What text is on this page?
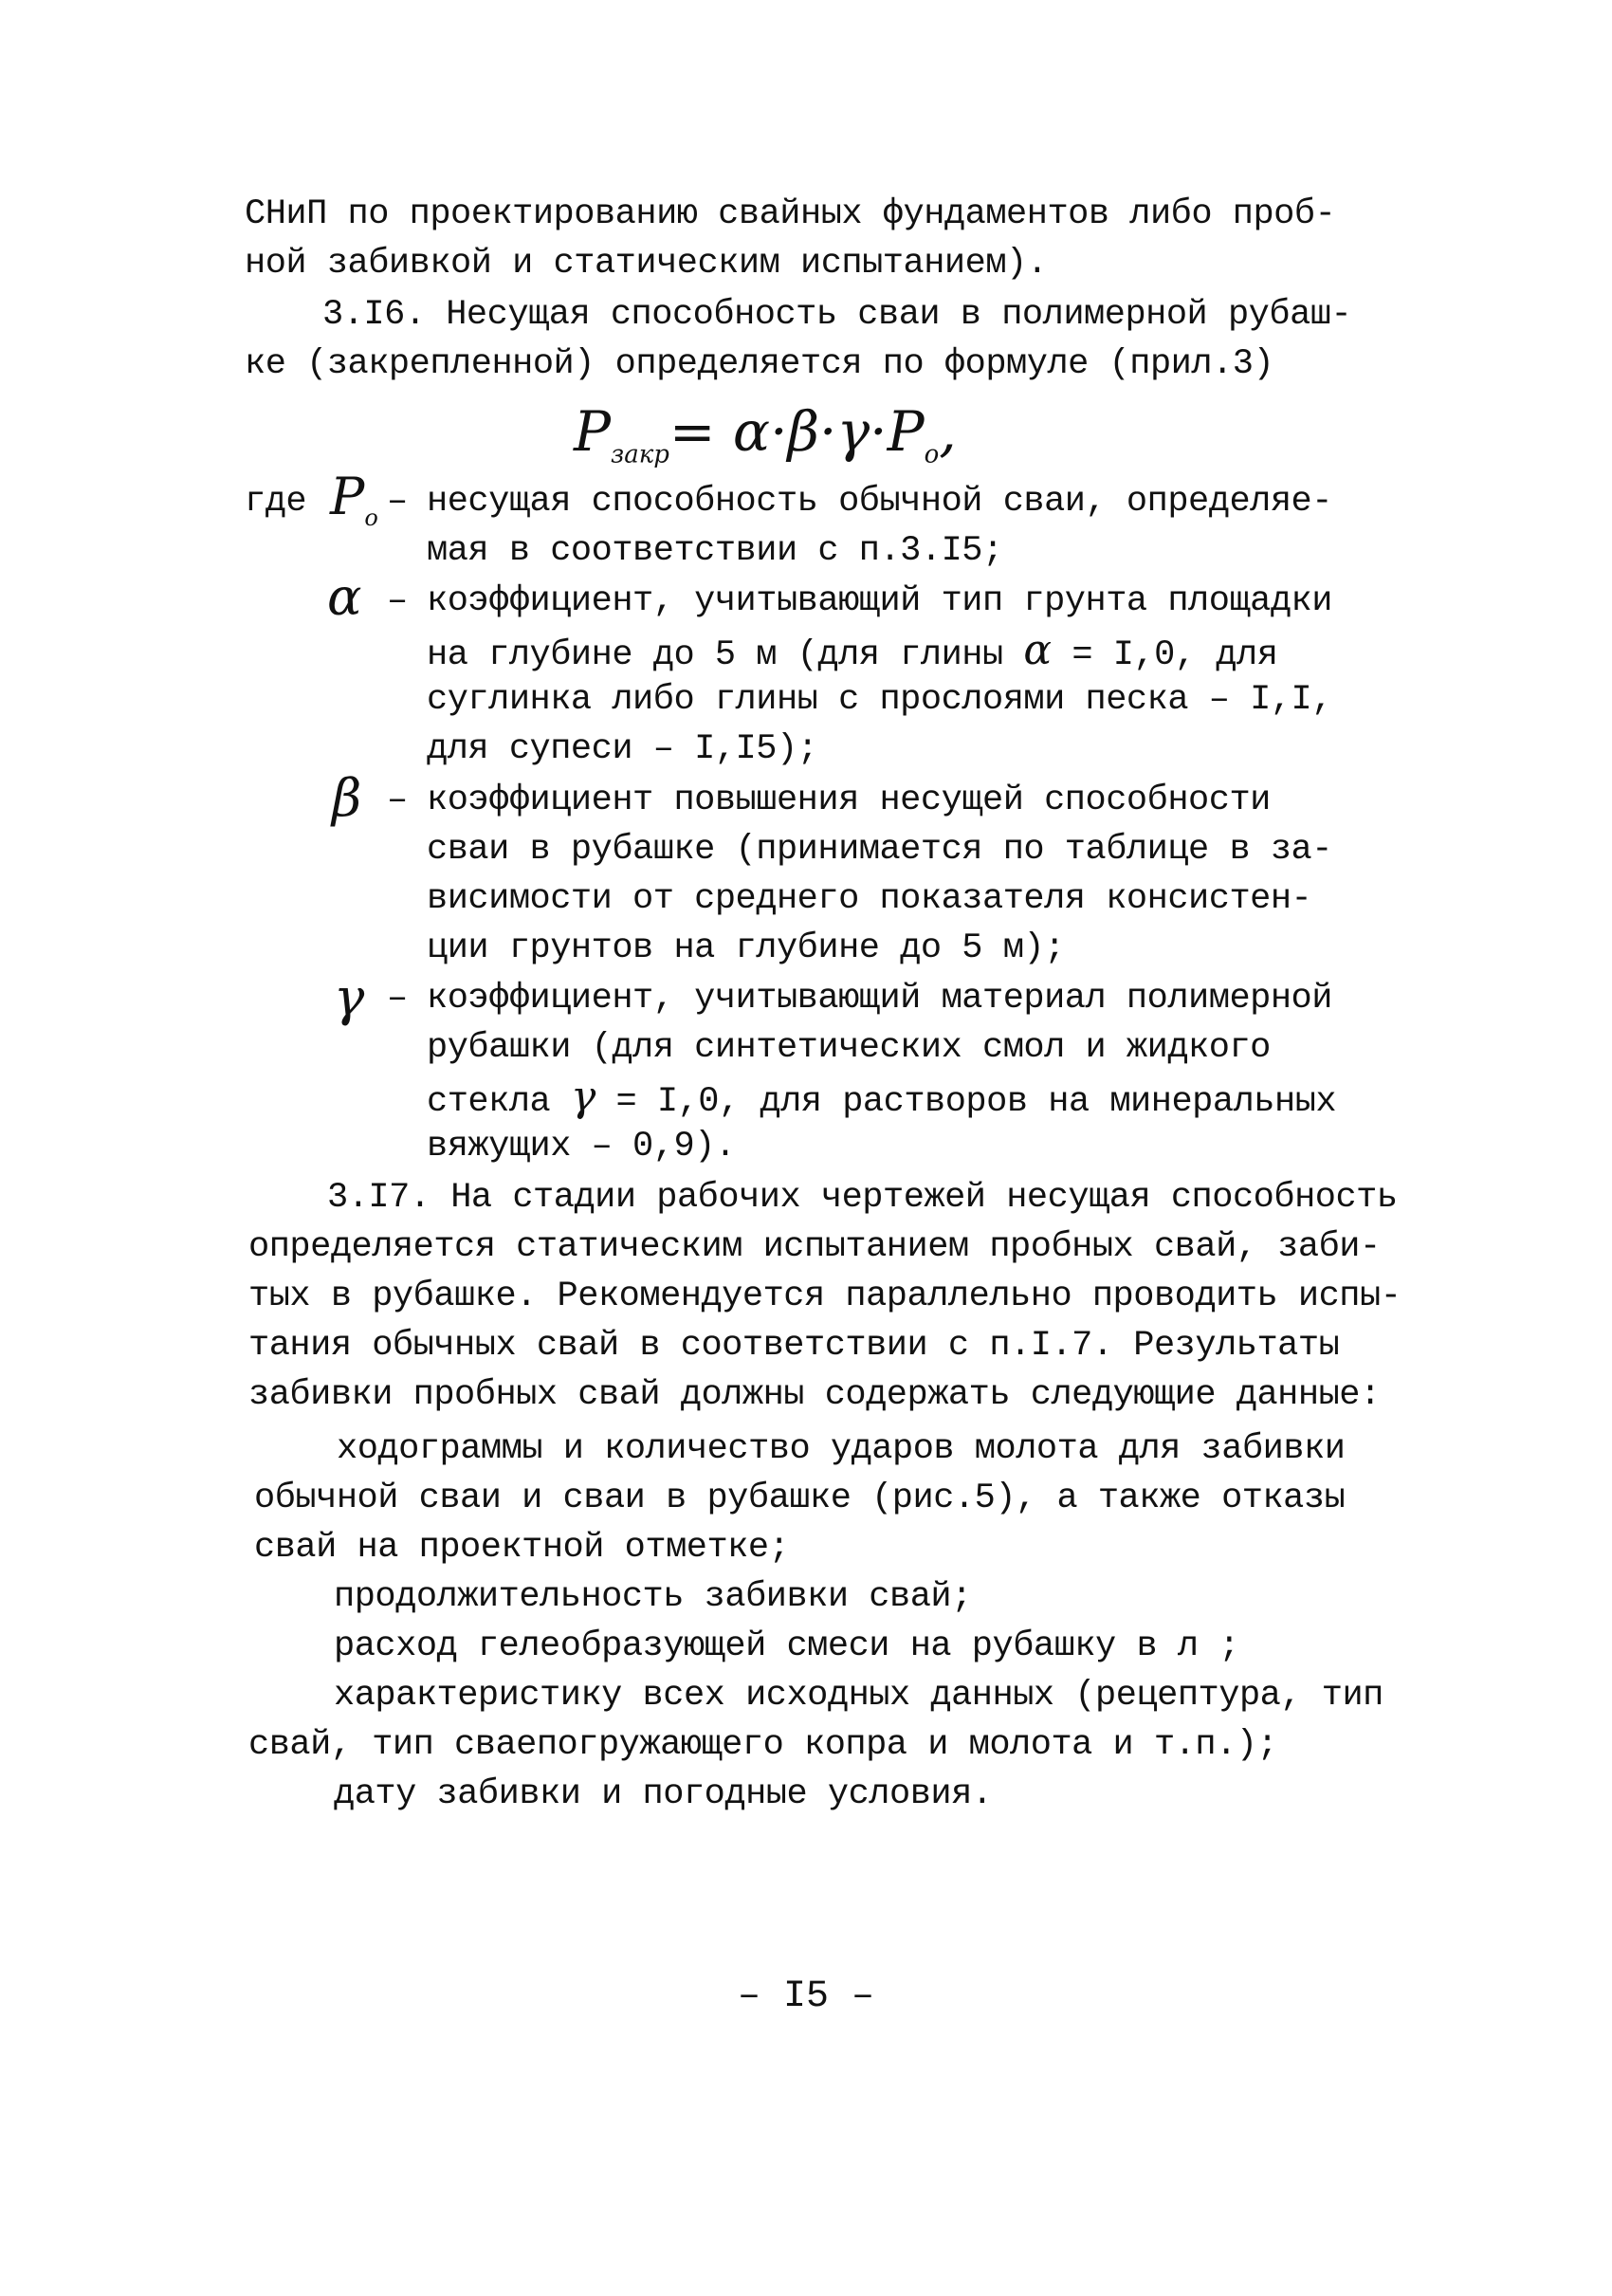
СНиП по проектированию свайных фундаментов либо проб-
ной забивкой и статическим испытанием).
3.I6. Несущая способность сваи в полимерной рубаш-
ке (закрепленной) определяется по формуле (прил.3)
$P_{закр}= \alpha\cdot\beta\cdot\gamma\cdot P_o$,
где $P_o$ – несущая способность обычной сваи, определяе-
мая в соответствии с п.3.I5;
α – коэффициент, учитывающий тип грунта площадки
на глубине до 5 м (для глины α = I,0, для
суглинка либо глины с прослоями песка – I,I,
для супеси – I,I5);
β – коэффициент повышения несущей способности
сваи в рубашке (принимается по таблице в за-
висимости от среднего показателя консистен-
ции грунтов на глубине до 5 м);
γ – коэффициент, учитывающий материал полимерной
рубашки (для синтетических смол и жидкого
стекла γ = I,0, для растворов на минеральных
вяжущих – 0,9).
3.I7. На стадии рабочих чертежей несущая способность
определяется статическим испытанием пробных свай, заби-
тых в рубашке. Рекомендуется параллельно проводить испы-
тания обычных свай в соответствии с п.I.7. Результаты
забивки пробных свай должны содержать следующие данные:
ходограммы и количество ударов молота для забивки
обычной сваи и сваи в рубашке (рис.5), а также отказы
свай на проектной отметке;
продолжительность забивки свай;
расход гелеобразующей смеси на рубашку в л ;
характеристику всех исходных данных (рецептура, тип
свай, тип сваепогружающего копра и молота и т.п.);
дату забивки и погодные условия.
– I5 –
